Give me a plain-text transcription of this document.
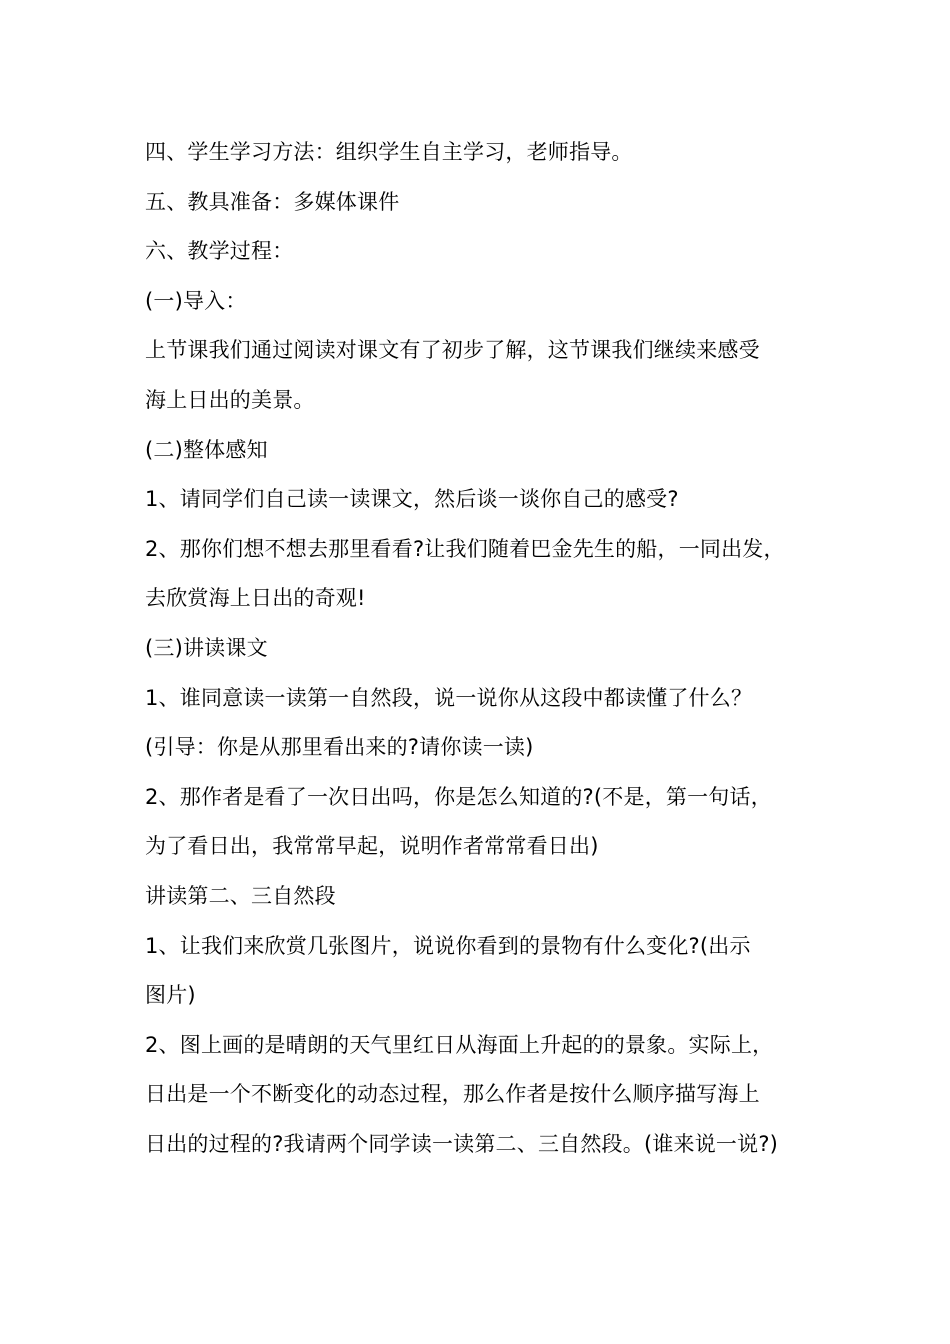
四、学生学习方法：组织学生自主学习，老师指导。
五、教具准备：多媒体课件
六、教学过程：
(一)导入：
上节课我们通过阅读对课文有了初步了解，这节课我们继续来感受
海上日出的美景。
(二)整体感知
1、请同学们自己读一读课文，然后谈一谈你自己的感受?
2、那你们想不想去那里看看?让我们随着巴金先生的船，一同出发，
去欣赏海上日出的奇观!
(三)讲读课文
1、谁同意读一读第一自然段，说一说你从这段中都读懂了什么？
(引导：你是从那里看出来的?请你读一读)
2、那作者是看了一次日出吗，你是怎么知道的?(不是，第一句话，
为了看日出，我常常早起，说明作者常常看日出)
讲读第二、三自然段
1、让我们来欣赏几张图片，说说你看到的景物有什么变化?(出示
图片)
2、图上画的是晴朗的天气里红日从海面上升起的的景象。实际上，
日出是一个不断变化的动态过程，那么作者是按什么顺序描写海上
日出的过程的?我请两个同学读一读第二、三自然段。(谁来说一说?)
